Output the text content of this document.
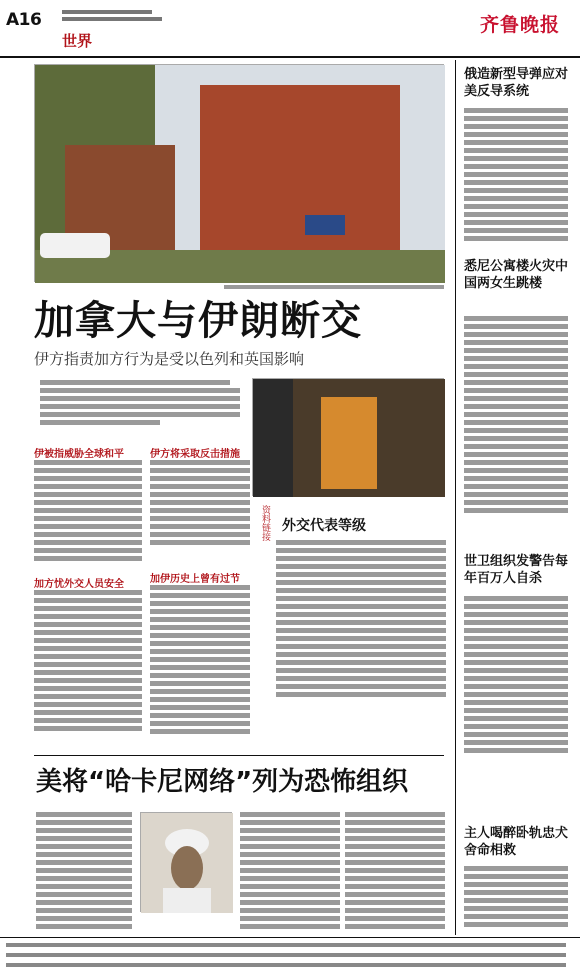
A16
世界
齐鲁晚报
加拿大与伊朗断交
伊方指责加方行为是受以色列和英国影响
伊被指威胁全球和平	伊方将采取反击措施
加方忧外交人员安全	加伊历史上曾有过节
资料链接 外交代表等级
美将“哈卡尼网络”列为恐怖组织
俄造新型导弹应对美反导系统
悉尼公寓楼火灾中国两女生跳楼
世卫组织发警告每年百万人自杀
主人喝醉卧轨忠犬舍命相救
